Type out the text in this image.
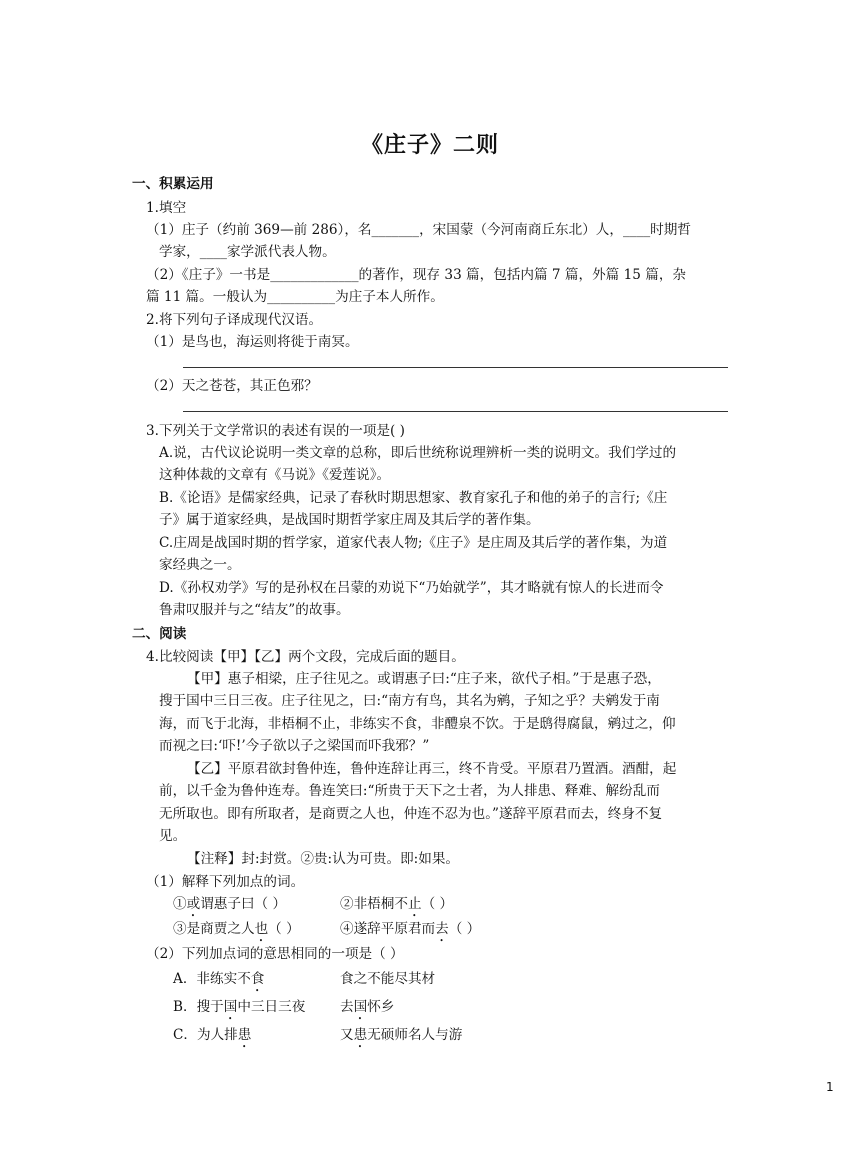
《庄子》二则
一、积累运用
1.填空
（1）庄子（约前 369—前 286），名_______，宋国蒙（今河南商丘东北）人，____时期哲
学家，____家学派代表人物。
（2）《庄子》一书是_____________的著作，现存 33 篇，包括内篇 7 篇，外篇 15 篇，杂
篇 11 篇。一般认为__________为庄子本人所作。
2.将下列句子译成现代汉语。
（1）是鸟也，海运则将徙于南冥。
（2）天之苍苍，其正色邪？
3.下列关于文学常识的表述有误的一项是( )
A.说，古代议论说明一类文章的总称，即后世统称说理辨析一类的说明文。我们学过的
这种体裁的文章有《马说》《爱莲说》。
B.《论语》是儒家经典，记录了春秋时期思想家、教育家孔子和他的弟子的言行;《庄
子》属于道家经典，是战国时期哲学家庄周及其后学的著作集。
C.庄周是战国时期的哲学家，道家代表人物;《庄子》是庄周及其后学的著作集，为道
家经典之一。
D.《孙权劝学》写的是孙权在吕蒙的劝说下“乃始就学”，其才略就有惊人的长进而令
鲁肃叹服并与之“结友”的故事。
二、阅读
4.比较阅读【甲】【乙】两个文段，完成后面的题目。
【甲】惠子相梁，庄子往见之。或谓惠子曰:“庄子来，欲代子相。”于是惠子恐，
搜于国中三日三夜。庄子往见之，曰:“南方有鸟，其名为鹓，子知之乎？夫鹓发于南
海，而飞于北海，非梧桐不止，非练实不食，非醴泉不饮。于是鸱得腐鼠，鹓过之，仰
而视之曰:‘吓!’今子欲以子之梁国而吓我邪？”
【乙】平原君欲封鲁仲连，鲁仲连辞让再三，终不肯受。平原君乃置酒。酒酣，起
前，以千金为鲁仲连寿。鲁连笑曰:“所贵于天下之士者，为人排患、释难、解纷乱而
无所取也。即有所取者，是商贾之人也，仲连不忍为也。”遂辞平原君而去，终身不复
见。
【注释】封:封赏。②贵:认为可贵。即:如果。
（1）解释下列加点的词。
①或谓惠子曰（ ）	②非梧桐不止（ ）
③是商贾之人也（ ）	④遂辞平原君而去（ ）
（2）下列加点词的意思相同的一项是（ ）
A．非练实不食	食之不能尽其材
B．搜于国中三日三夜	去国怀乡
C．为人排患	又患无硕师名人与游
1
